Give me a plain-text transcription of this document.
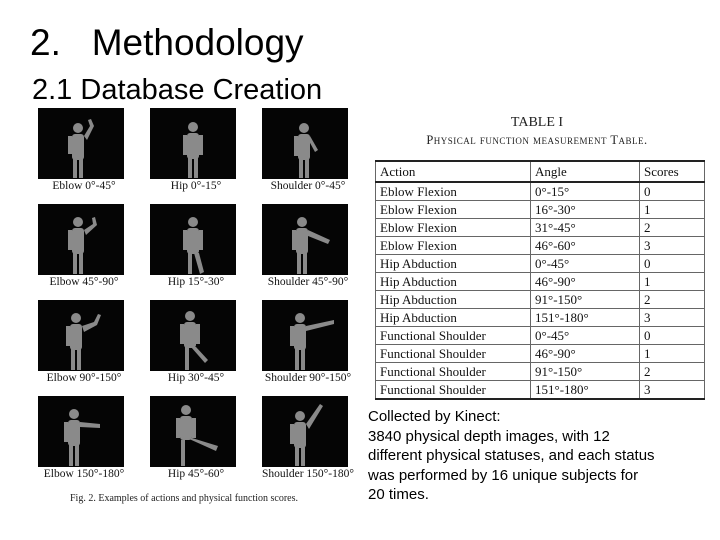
2.   Methodology
2.1 Database Creation
Eblow 0°-45°	Hip 0°-15°	Shoulder 0°-45°
Elbow 45°-90°	Hip 15°-30°	Shoulder 45°-90°
Elbow 90°-150°	Hip 30°-45°	Shoulder 90°-150°
Elbow 150°-180°	Hip 45°-60°	Shoulder 150°-180°
Fig. 2. Examples of actions and physical function scores.
TABLE I
Physical function measurement Table.
Action	Angle	Scores
Eblow Flexion	0°-15°	0
Eblow Flexion	16°-30°	1
Eblow Flexion	31°-45°	2
Eblow Flexion	46°-60°	3
Hip Abduction	0°-45°	0
Hip Abduction	46°-90°	1
Hip Abduction	91°-150°	2
Hip Abduction	151°-180°	3
Functional Shoulder	0°-45°	0
Functional Shoulder	46°-90°	1
Functional Shoulder	91°-150°	2
Functional Shoulder	151°-180°	3
Collected by Kinect:
3840 physical depth images, with 12
different physical statuses, and each status
was performed by 16 unique subjects for
20 times.
